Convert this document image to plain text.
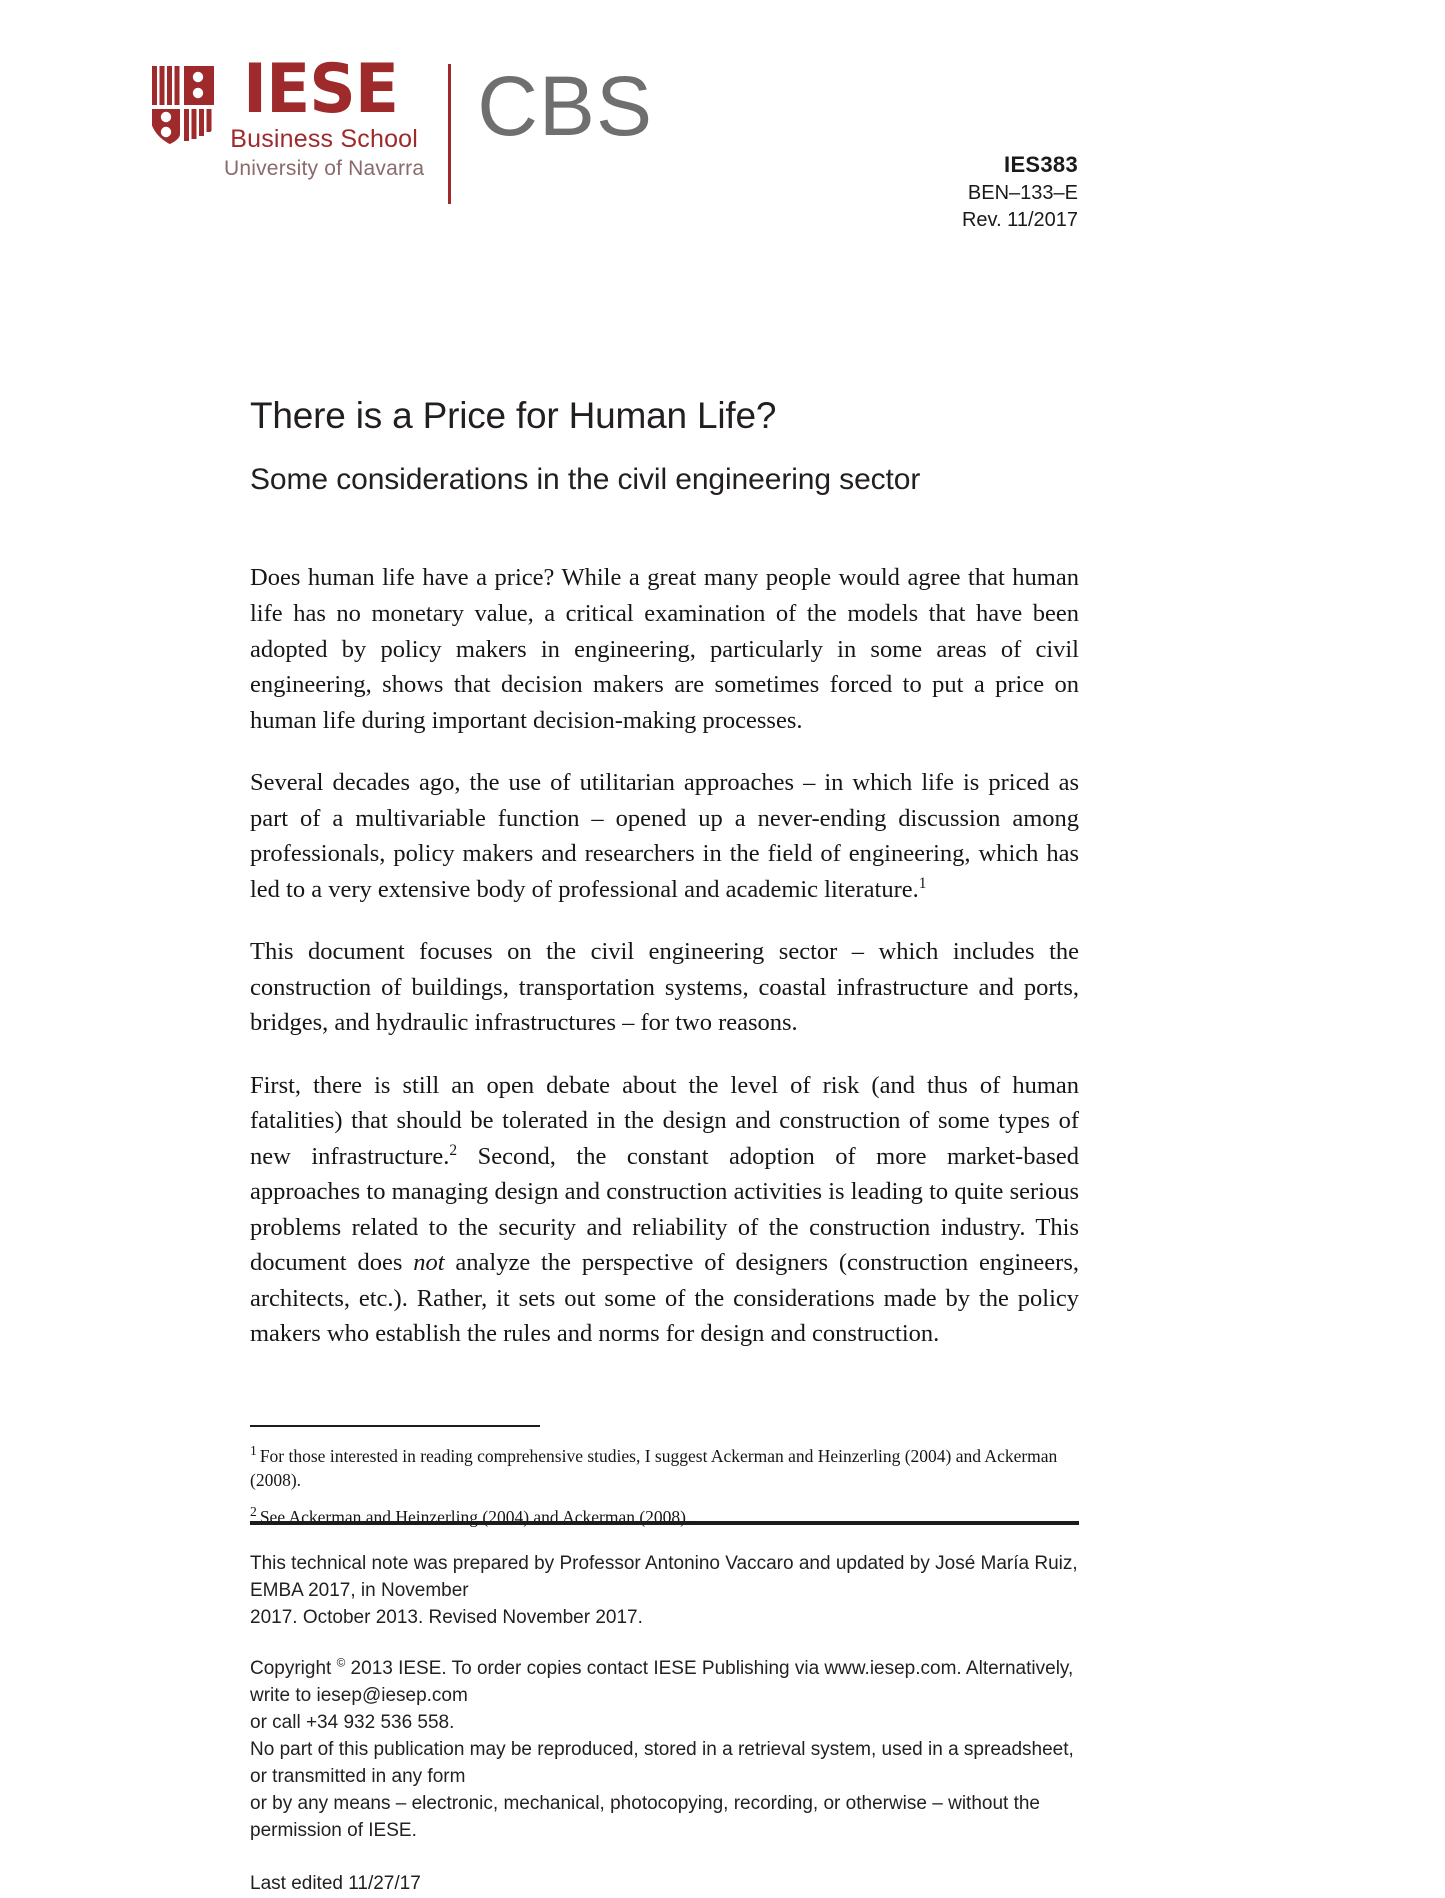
IESE
Business School
University of Navarra
CBS
IES383
BEN–133–E
Rev. 11/2017
There is a Price for Human Life?
Some considerations in the civil engineering sector

Does human life have a price? While a great many people would agree that human life has no monetary value, a critical examination of the models that have been adopted by policy makers in engineering, particularly in some areas of civil engineering, shows that decision makers are sometimes forced to put a price on human life during important decision-making processes.

Several decades ago, the use of utilitarian approaches – in which life is priced as part of a multivariable function – opened up a never-ending discussion among professionals, policy makers and researchers in the field of engineering, which has led to a very extensive body of professional and academic literature.$^1$

This document focuses on the civil engineering sector – which includes the construction of buildings, transportation systems, coastal infrastructure and ports, bridges, and hydraulic infrastructures – for two reasons.

First, there is still an open debate about the level of risk (and thus of human fatalities) that should be tolerated in the design and construction of some types of new infrastructure.$^2$ Second, the constant adoption of more market-based approaches to managing design and construction activities is leading to quite serious problems related to the security and reliability of the construction industry. This document does not analyze the perspective of designers (construction engineers, architects, etc.). Rather, it sets out some of the considerations made by the policy makers who establish the rules and norms for design and construction.

$^1$ For those interested in reading comprehensive studies, I suggest Ackerman and Heinzerling (2004) and Ackerman (2008).
$^2$ See Ackerman and Heinzerling (2004) and Ackerman (2008).
This technical note was prepared by Professor Antonino Vaccaro and updated by José María Ruiz, EMBA 2017, in November
2017. October 2013. Revised November 2017.
Copyright © 2013 IESE. To order copies contact IESE Publishing via www.iesep.com. Alternatively, write to iesep@iesep.com
or call +34 932 536 558.
No part of this publication may be reproduced, stored in a retrieval system, used in a spreadsheet, or transmitted in any form
or by any means – electronic, mechanical, photocopying, recording, or otherwise – without the permission of IESE.
Last edited 11/27/17
